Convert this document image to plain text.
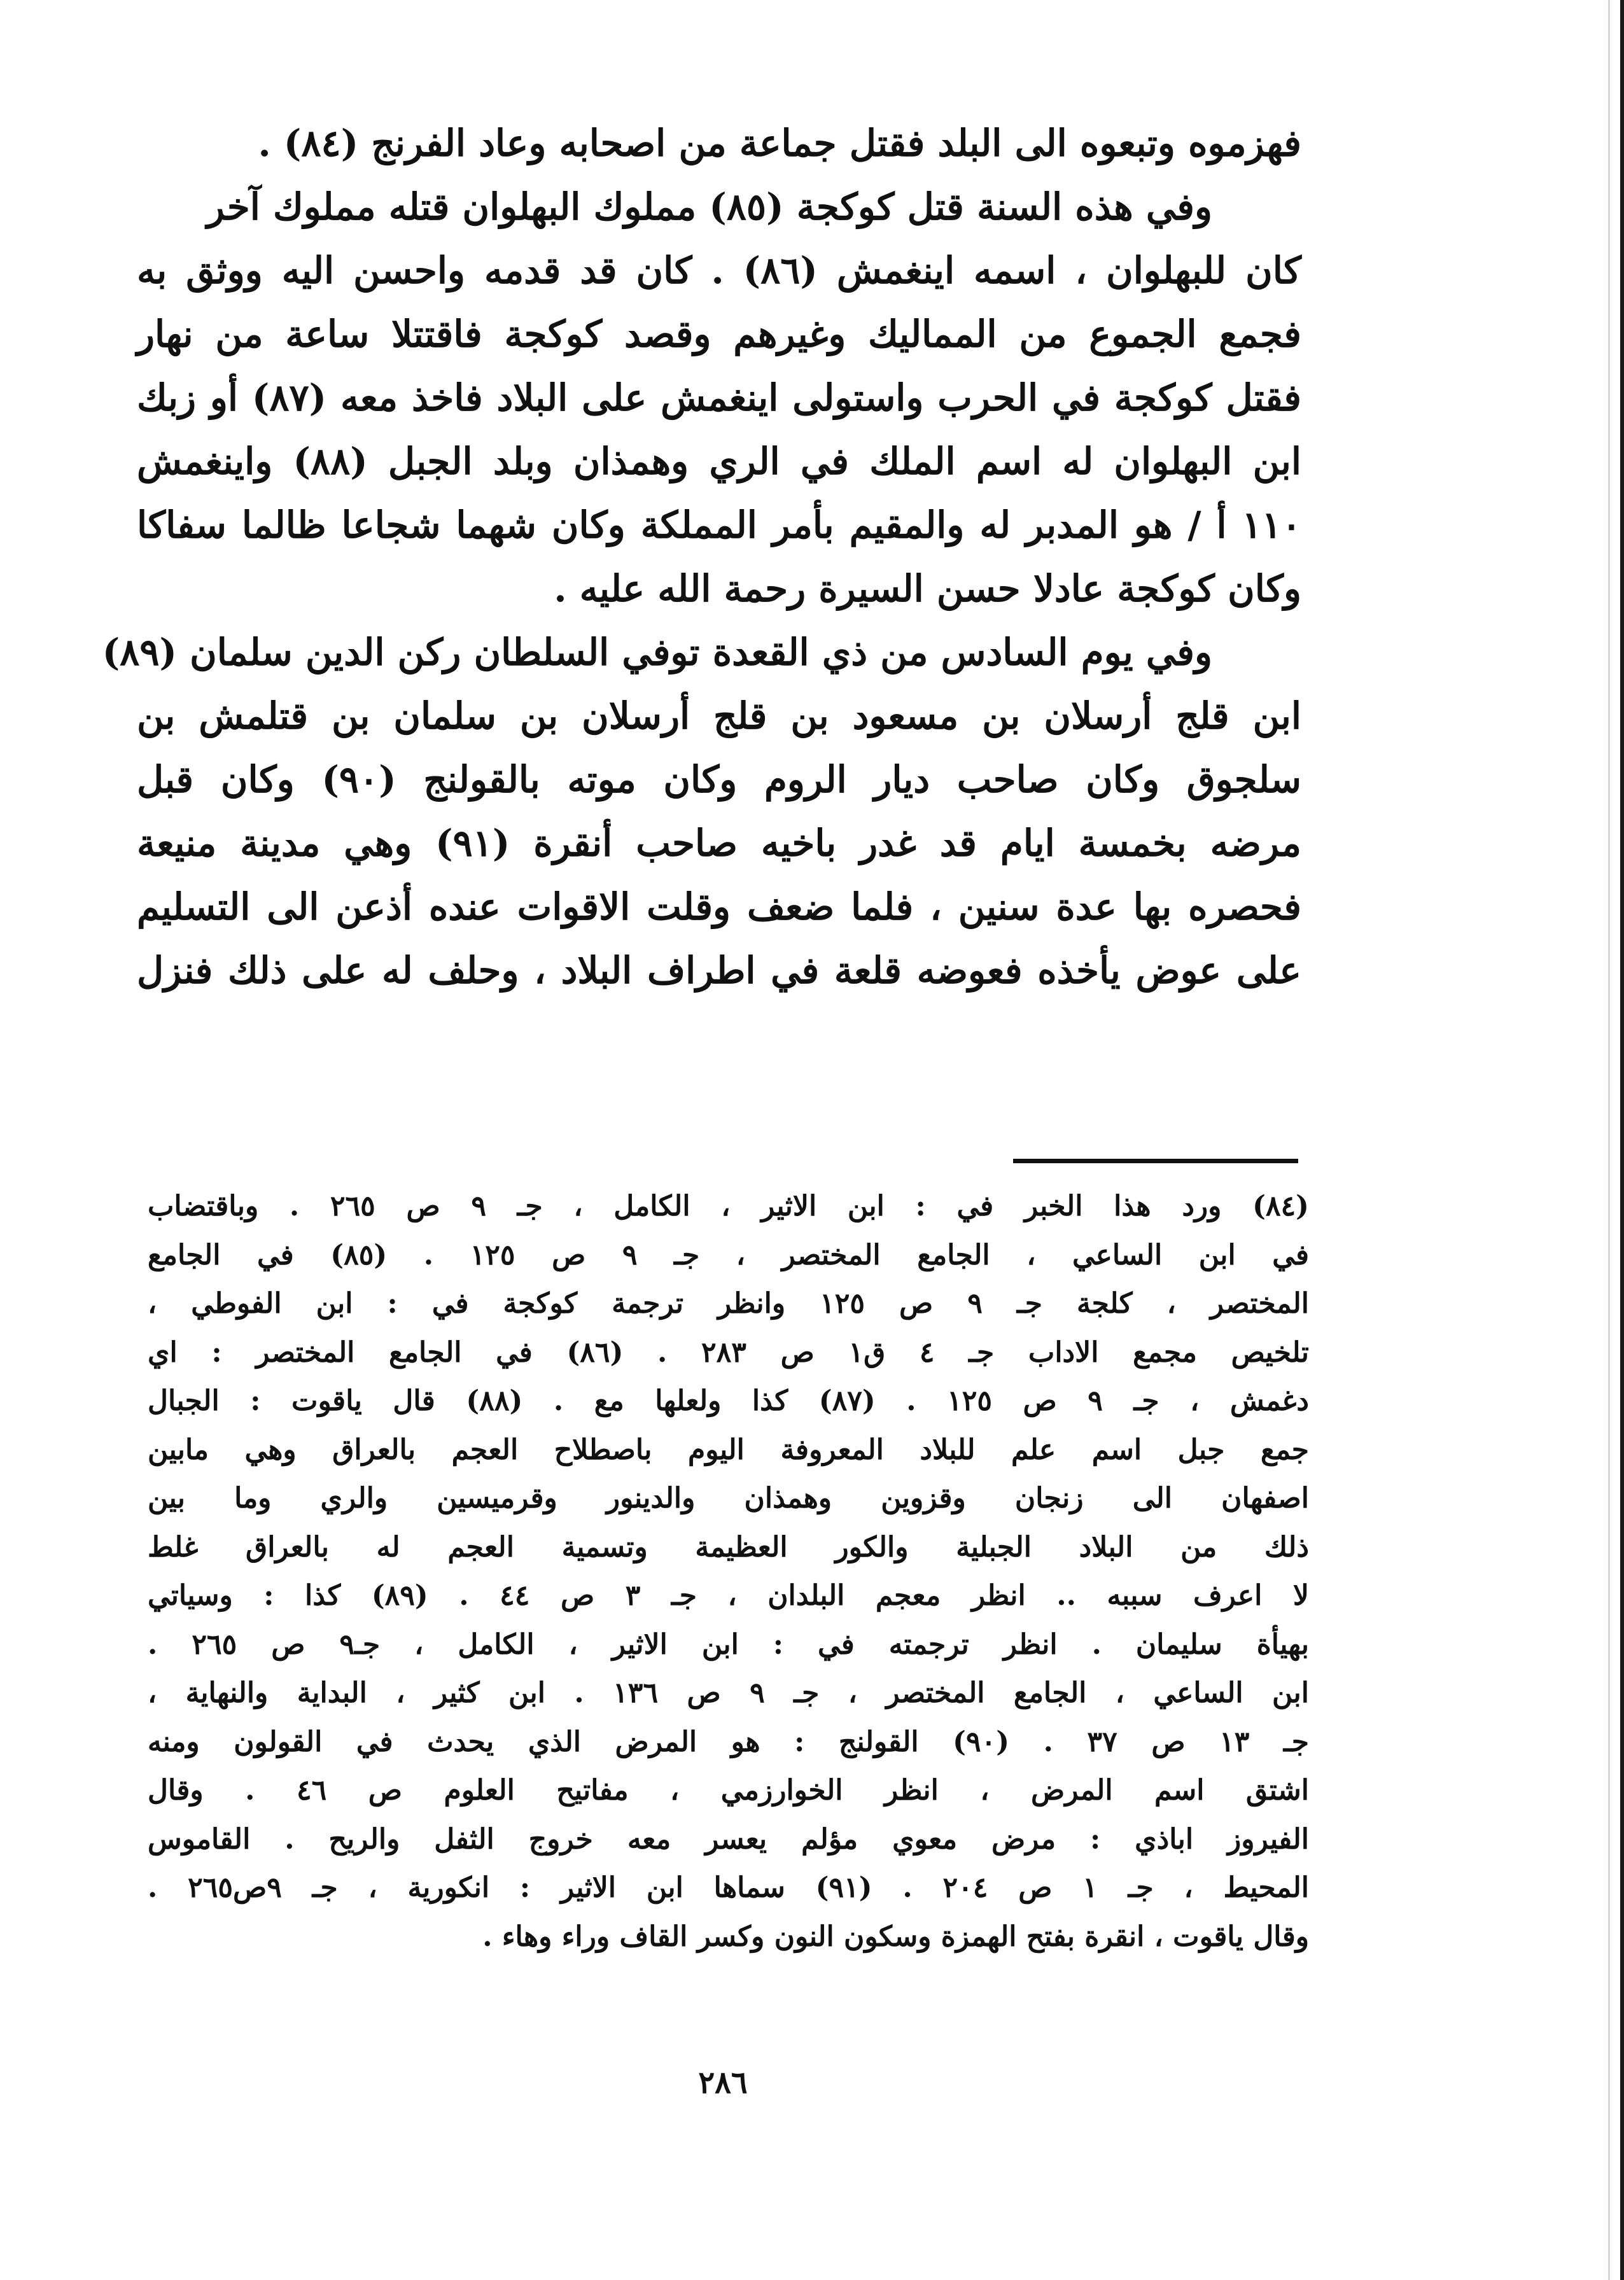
فهزموه وتبعوه الى البلد فقتل جماعة من اصحابه وعاد الفرنج (٨٤) .
وفي هذه السنة قتل كوكجة (٨٥) مملوك البهلوان قتله مملوك آخر
كان للبهلوان ، اسمه اينغمش (٨٦) . كان قد قدمه واحسن اليه ووثق به
فجمع الجموع من المماليك وغيرهم وقصد كوكجة فاقتتلا ساعة من نهار
فقتل كوكجة في الحرب واستولى اينغمش على البلاد فاخذ معه (٨٧) أو زبك
ابن البهلوان له اسم الملك في الري وهمذان وبلد الجبل (٨٨) واينغمش
١١٠ أ / هو المدبر له والمقيم بأمر المملكة وكان شهما شجاعا ظالما سفاكا
وكان كوكجة عادلا حسن السيرة رحمة الله عليه .
وفي يوم السادس من ذي القعدة توفي السلطان ركن الدين سلمان (٨٩)
ابن قلج أرسلان بن مسعود بن قلج أرسلان بن سلمان بن قتلمش بن
سلجوق وكان صاحب ديار الروم وكان موته بالقولنج (٩٠) وكان قبل
مرضه بخمسة ايام قد غدر باخيه صاحب أنقرة (٩١) وهي مدينة منيعة
فحصره بها عدة سنين ، فلما ضعف وقلت الاقوات عنده أذعن الى التسليم
على عوض يأخذه فعوضه قلعة في اطراف البلاد ، وحلف له على ذلك فنزل
(٨٤) ورد هذا الخبر في : ابن الاثير ، الكامل ، جـ ٩ ص ٢٦٥ . وباقتضاب
في ابن الساعي ، الجامع المختصر ، جـ ٩ ص ١٢٥ . (٨٥) في الجامع
المختصر ، كلجة جـ ٩ ص ١٢٥ وانظر ترجمة كوكجة في : ابن الفوطي ،
تلخيص مجمع الاداب جـ ٤ ق١ ص ٢٨٣ . (٨٦) في الجامع المختصر : اي
دغمش ، جـ ٩ ص ١٢٥ . (٨٧) كذا ولعلها مع . (٨٨) قال ياقوت : الجبال
جمع جبل اسم علم للبلاد المعروفة اليوم باصطلاح العجم بالعراق وهي مابين
اصفهان الى زنجان وقزوين وهمذان والدينور وقرميسين والري وما بين
ذلك من البلاد الجبلية والكور العظيمة وتسمية العجم له بالعراق غلط
لا اعرف سببه .. انظر معجم البلدان ، جـ ٣ ص ٤٤ . (٨٩) كذا : وسياتي
بهيأة سليمان . انظر ترجمته في : ابن الاثير ، الكامل ، جـ٩ ص ٢٦٥ .
ابن الساعي ، الجامع المختصر ، جـ ٩ ص ١٣٦ . ابن كثير ، البداية والنهاية ،
جـ ١٣ ص ٣٧ . (٩٠) القولنج : هو المرض الذي يحدث في القولون ومنه
اشتق اسم المرض ، انظر الخوارزمي ، مفاتيح العلوم ص ٤٦ . وقال
الفيروز اباذي : مرض معوي مؤلم يعسر معه خروج الثفل والريح . القاموس
المحيط ، جـ ١ ص ٢٠٤ . (٩١) سماها ابن الاثير : انكورية ، جـ ٩ص٢٦٥ .
وقال ياقوت ، انقرة بفتح الهمزة وسكون النون وكسر القاف وراء وهاء .
٢٨٦
